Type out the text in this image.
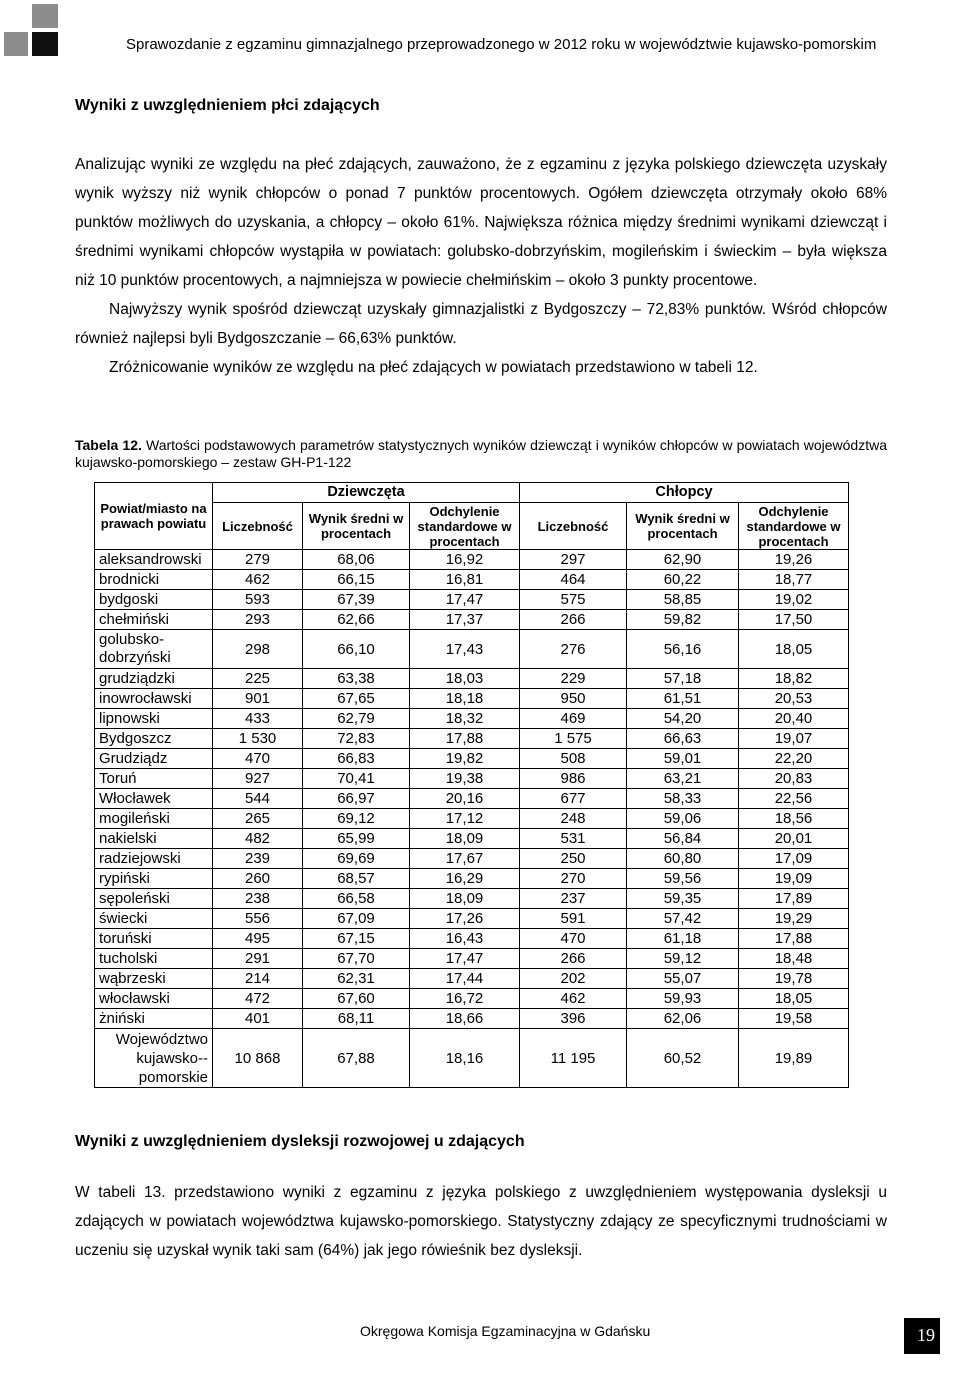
Sprawozdanie z egzaminu gimnazjalnego przeprowadzonego w 2012 roku w województwie kujawsko-pomorskim
Wyniki z uwzględnieniem płci zdających

Analizując wyniki ze względu na płeć zdających, zauważono, że z egzaminu z języka polskiego dziewczęta uzyskały wynik wyższy niż wynik chłopców o ponad 7 punktów procentowych. Ogółem dziewczęta otrzymały około 68% punktów możliwych do uzyskania, a chłopcy – około 61%. Największa różnica między średnimi wynikami dziewcząt i średnimi wynikami chłopców wystąpiła w powiatach: golubsko-dobrzyńskim, mogileńskim i świeckim – była większa niż 10 punktów procentowych, a najmniejsza w powiecie chełmińskim – około 3 punkty procentowe.

Najwyższy wynik spośród dziewcząt uzyskały gimnazjalistki z Bydgoszczy – 72,83% punktów. Wśród chłopców również najlepsi byli Bydgoszczanie – 66,63% punktów.

Zróżnicowanie wyników ze względu na płeć zdających w powiatach przedstawiono w tabeli 12.

Tabela 12. Wartości podstawowych parametrów statystycznych wyników dziewcząt i wyników chłopców w powiatach województwa kujawsko-pomorskiego – zestaw GH-P1-122
Powiat/miasto na prawach powiatu	Dziewczęta			Chłopcy		
	Liczebność	Wynik średni w procentach	Odchylenie standardowe w procentach	Liczebność	Wynik średni w procentach	Odchylenie standardowe w procentach
aleksandrowski	279	68,06	16,92	297	62,90	19,26
brodnicki	462	66,15	16,81	464	60,22	18,77
bydgoski	593	67,39	17,47	575	58,85	19,02
chełmiński	293	62,66	17,37	266	59,82	17,50
golubsko-dobrzyński	298	66,10	17,43	276	56,16	18,05
grudziądzki	225	63,38	18,03	229	57,18	18,82
inowrocławski	901	67,65	18,18	950	61,51	20,53
lipnowski	433	62,79	18,32	469	54,20	20,40
Bydgoszcz	1 530	72,83	17,88	1 575	66,63	19,07
Grudziądz	470	66,83	19,82	508	59,01	22,20
Toruń	927	70,41	19,38	986	63,21	20,83
Włocławek	544	66,97	20,16	677	58,33	22,56
mogileński	265	69,12	17,12	248	59,06	18,56
nakielski	482	65,99	18,09	531	56,84	20,01
radziejowski	239	69,69	17,67	250	60,80	17,09
rypiński	260	68,57	16,29	270	59,56	19,09
sępoleński	238	66,58	18,09	237	59,35	17,89
świecki	556	67,09	17,26	591	57,42	19,29
toruński	495	67,15	16,43	470	61,18	17,88
tucholski	291	67,70	17,47	266	59,12	18,48
wąbrzeski	214	62,31	17,44	202	55,07	19,78
włocławski	472	67,60	16,72	462	59,93	18,05
żniński	401	68,11	18,66	396	62,06	19,58
Województwo kujawsko--pomorskie	10 868	67,88	18,16	11 195	60,52	19,89
Wyniki z uwzględnieniem dysleksji rozwojowej u zdających

W tabeli 13. przedstawiono wyniki z egzaminu z języka polskiego z uwzględnieniem występowania dysleksji u zdających w powiatach województwa kujawsko-pomorskiego. Statystyczny zdający ze specyficznymi trudnościami w uczeniu się uzyskał wynik taki sam (64%) jak jego rówieśnik bez dysleksji.

Okręgowa Komisja Egzaminacyjna w Gdańsku	19
